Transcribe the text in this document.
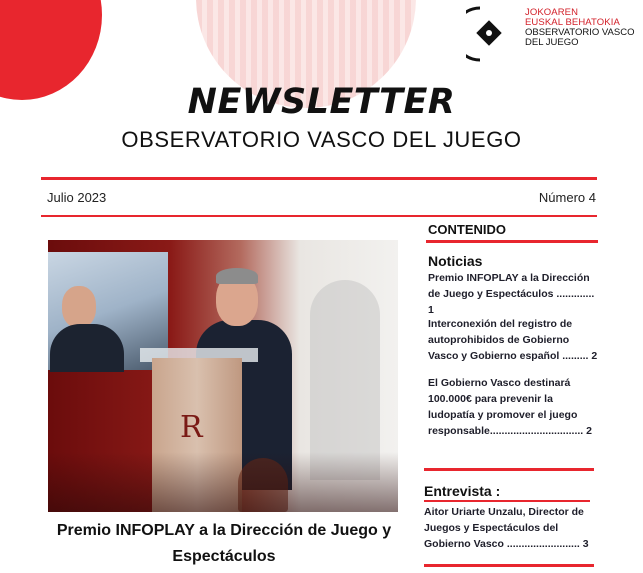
JOKOAREN
EUSKAL BEHATOKIA
OBSERVATORIO VASCO
DEL JUEGO
NEWSLETTER
OBSERVATORIO VASCO DEL JUEGO
Julio 2023	Número 4
R
Premio INFOPLAY a la Dirección de Juego y Espectáculos
CONTENIDO
Noticias
Premio INFOPLAY a la Dirección de Juego y Espectáculos ............. 1
Interconexión del registro de autoprohibidos de Gobierno Vasco y Gobierno español ......... 2
El Gobierno Vasco destinará 100.000€ para prevenir la ludopatía y promover el juego responsable................................ 2
Entrevista :
Aitor Uriarte Unzalu, Director de Juegos y Espectáculos del Gobierno Vasco ......................... 3
